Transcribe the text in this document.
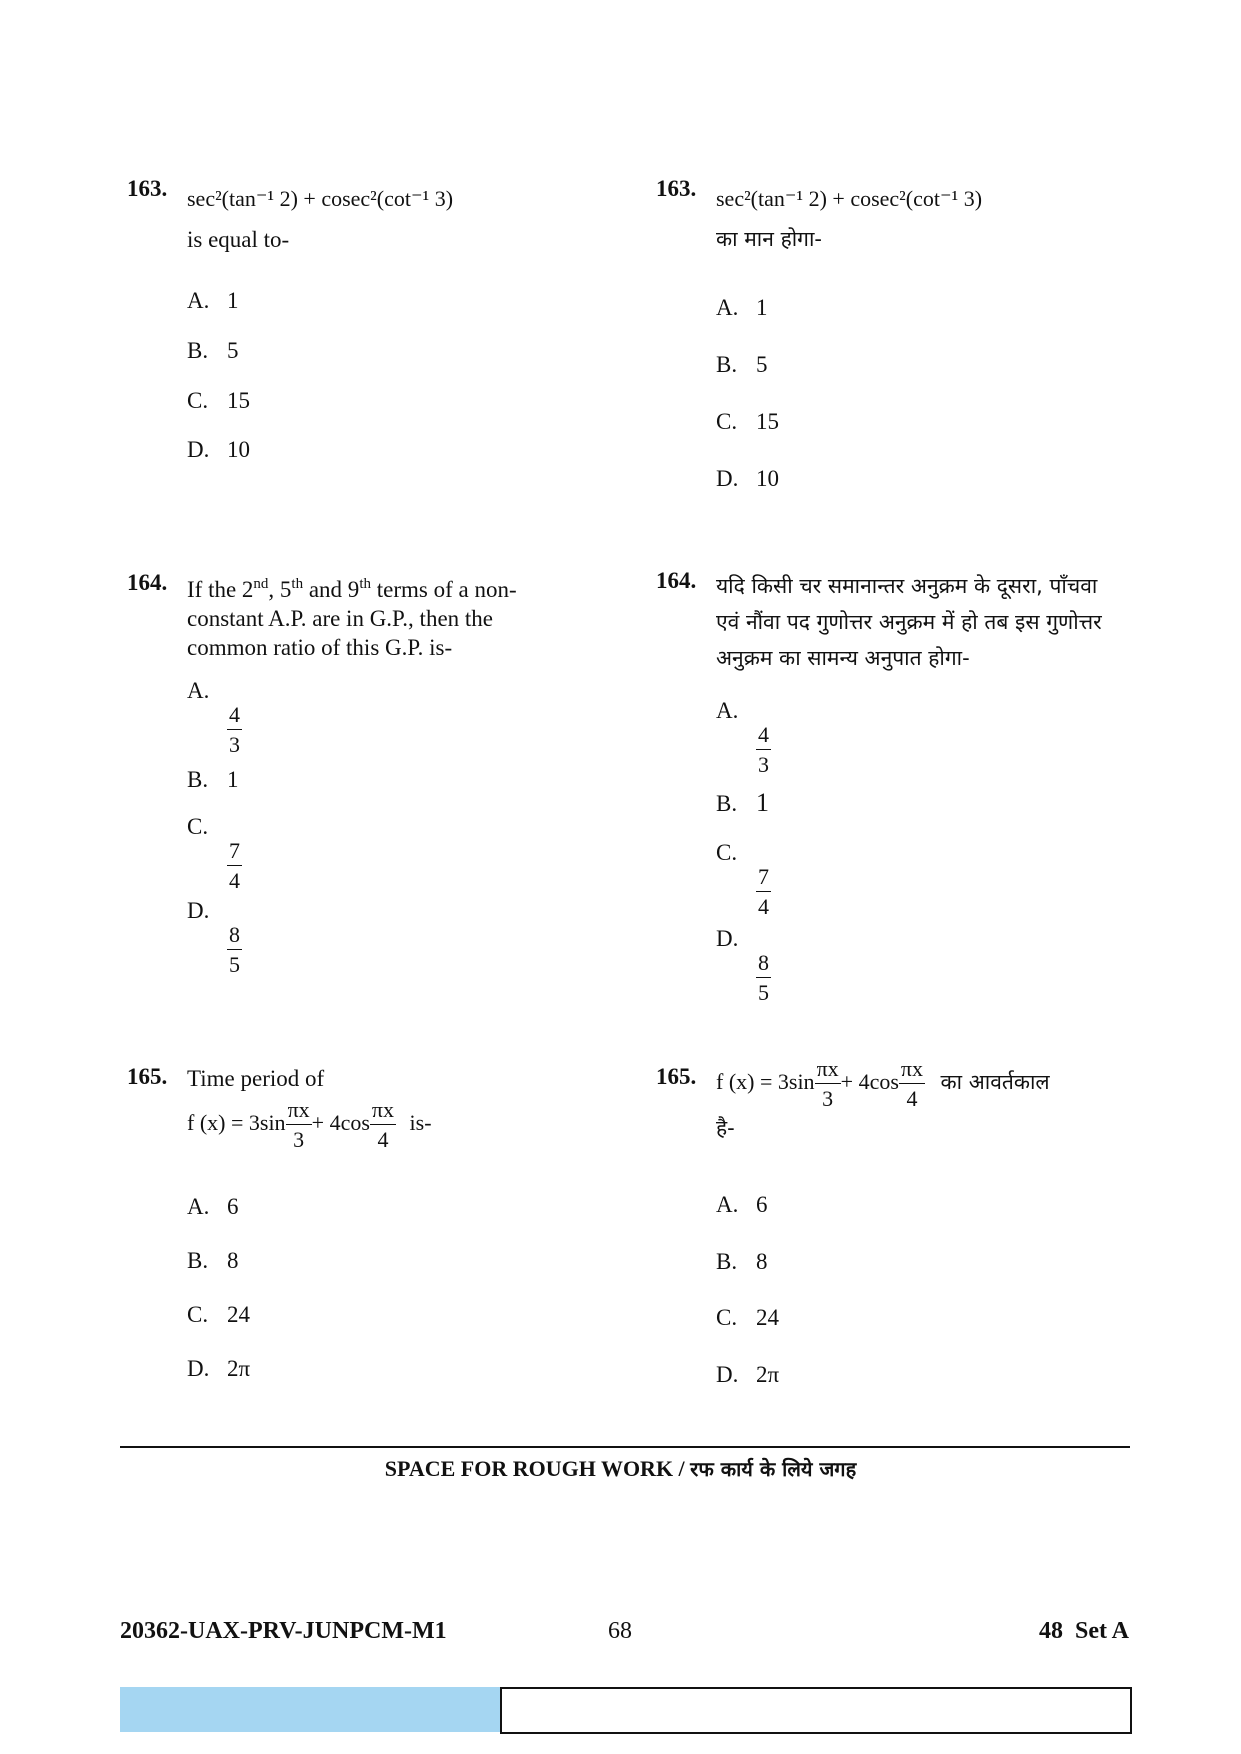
163. sec²(tan⁻¹ 2) + cosec²(cot⁻¹ 3)
is equal to-
A. 1
B. 5
C. 15
D. 10
163. sec²(tan⁻¹ 2) + cosec²(cot⁻¹ 3)
का मान होगा-
A. 1
B. 5
C. 15
D. 10
164. If the 2nd, 5th and 9th terms of a non-
constant A.P. are in G.P., then the
common ratio of this G.P. is-
A.
$\frac{4}{3}$
B. 1
C.
$\frac{7}{4}$
D.
$\frac{8}{5}$
164. यदि किसी चर समानान्तर अनुक्रम के दूसरा, पाँचवा
एवं नौंवा पद गुणोत्तर अनुक्रम में हो तब इस गुणोत्तर
अनुक्रम का सामन्य अनुपात होगा-
A.
$\frac{4}{3}$
B. 1
C.
$\frac{7}{4}$
D.
$\frac{8}{5}$
165. Time period of
f $(x) = 3\sin \frac{\pi x}{3} + 4\cos \frac{\pi x}{4} is-$
A. 6
B. 8
C. 24
D. 2π
165. f $(x) = 3\sin \frac{\pi x}{3} + 4\cos \frac{\pi x}{4}$ का आवर्तकाल
है-
A. 6
B. 8
C. 24
D. 2π
SPACE FOR ROUGH WORK / रफ कार्य के लिये जगह
20362-UAX-PRV-JUNPCM-M1	68	48  Set A
